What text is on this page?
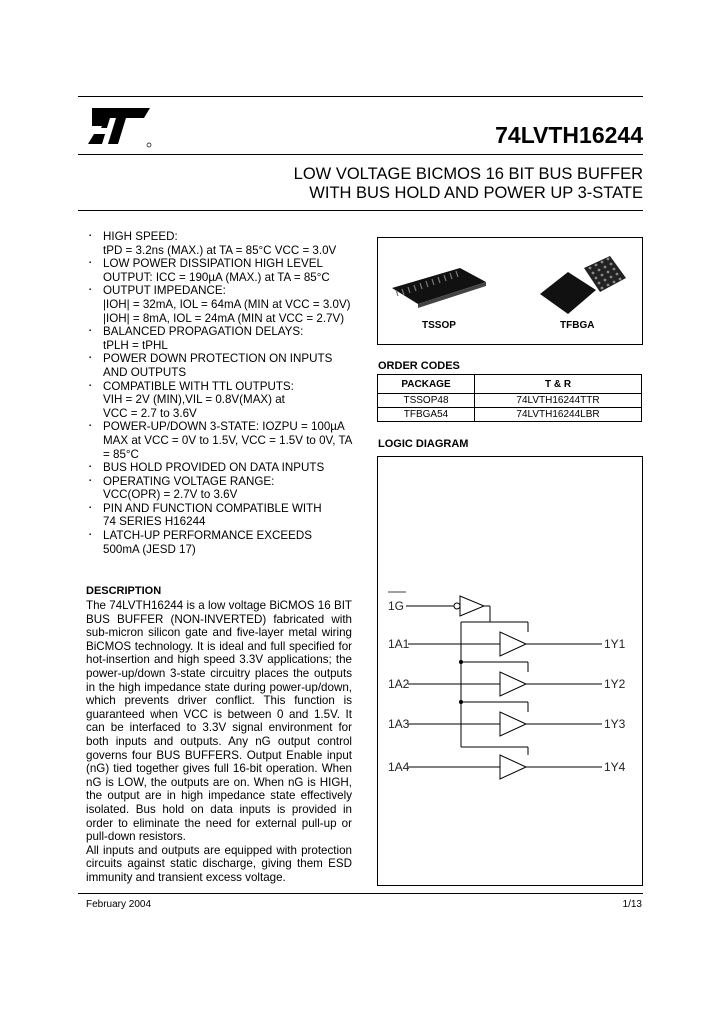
74LVTH16244
LOW VOLTAGE BICMOS 16 BIT BUS BUFFER
WITH BUS HOLD AND POWER UP 3-STATE
▪ HIGH SPEED:
tPD = 3.2ns (MAX.) at TA = 85°C VCC = 3.0V
▪ LOW POWER DISSIPATION HIGH LEVEL
OUTPUT: ICC = 190µA (MAX.) at TA = 85°C
▪ OUTPUT IMPEDANCE:
|IOH| = 32mA, IOL = 64mA (MIN at VCC = 3.0V)
|IOH| = 8mA, IOL = 24mA (MIN at VCC = 2.7V)
▪ BALANCED PROPAGATION DELAYS:
tPLH = tPHL
▪ POWER DOWN PROTECTION ON INPUTS
AND OUTPUTS
▪ COMPATIBLE WITH TTL OUTPUTS:
VIH = 2V (MIN),VIL = 0.8V(MAX) at
VCC = 2.7 to 3.6V
▪ POWER-UP/DOWN 3-STATE: IOZPU = 100µA
MAX at VCC = 0V to 1.5V, VCC = 1.5V to 0V, TA
= 85°C
▪ BUS HOLD PROVIDED ON DATA INPUTS
▪ OPERATING VOLTAGE RANGE:
VCC(OPR) = 2.7V to 3.6V
▪ PIN AND FUNCTION COMPATIBLE WITH
74 SERIES H16244
▪ LATCH-UP PERFORMANCE EXCEEDS
500mA (JESD 17)
DESCRIPTION
The 74LVTH16244 is a low voltage BiCMOS 16 BIT BUS BUFFER (NON-INVERTED) fabricated with sub-micron silicon gate and five-layer metal wiring BiCMOS technology. It is ideal and full specified for hot-insertion and high speed 3.3V applications; the power-up/down 3-state circuitry places the outputs in the high impedance state during power-up/down, which prevents driver conflict. This function is guaranteed when VCC is between 0 and 1.5V. It can be interfaced to 3.3V signal environment for both inputs and outputs. Any nG output control governs four BUS BUFFERS. Output Enable input (nG) tied together gives full 16-bit operation. When nG is LOW, the outputs are on. When nG is HIGH, the output are in high impedance state effectively isolated. Bus hold on data inputs is provided in order to eliminate the need for external pull-up or pull-down resistors.
All inputs and outputs are equipped with protection circuits against static discharge, giving them ESD immunity and transient excess voltage.
TSSOP	TFBGA
ORDER CODES
PACKAGE	T & R
TSSOP48	74LVTH16244TTR
TFBGA54	74LVTH16244LBR
LOGIC DIAGRAM
1G
1A1
1A2
1A3
1A4
1Y1
1Y2
1Y3
1Y4
February 2004	1/13
